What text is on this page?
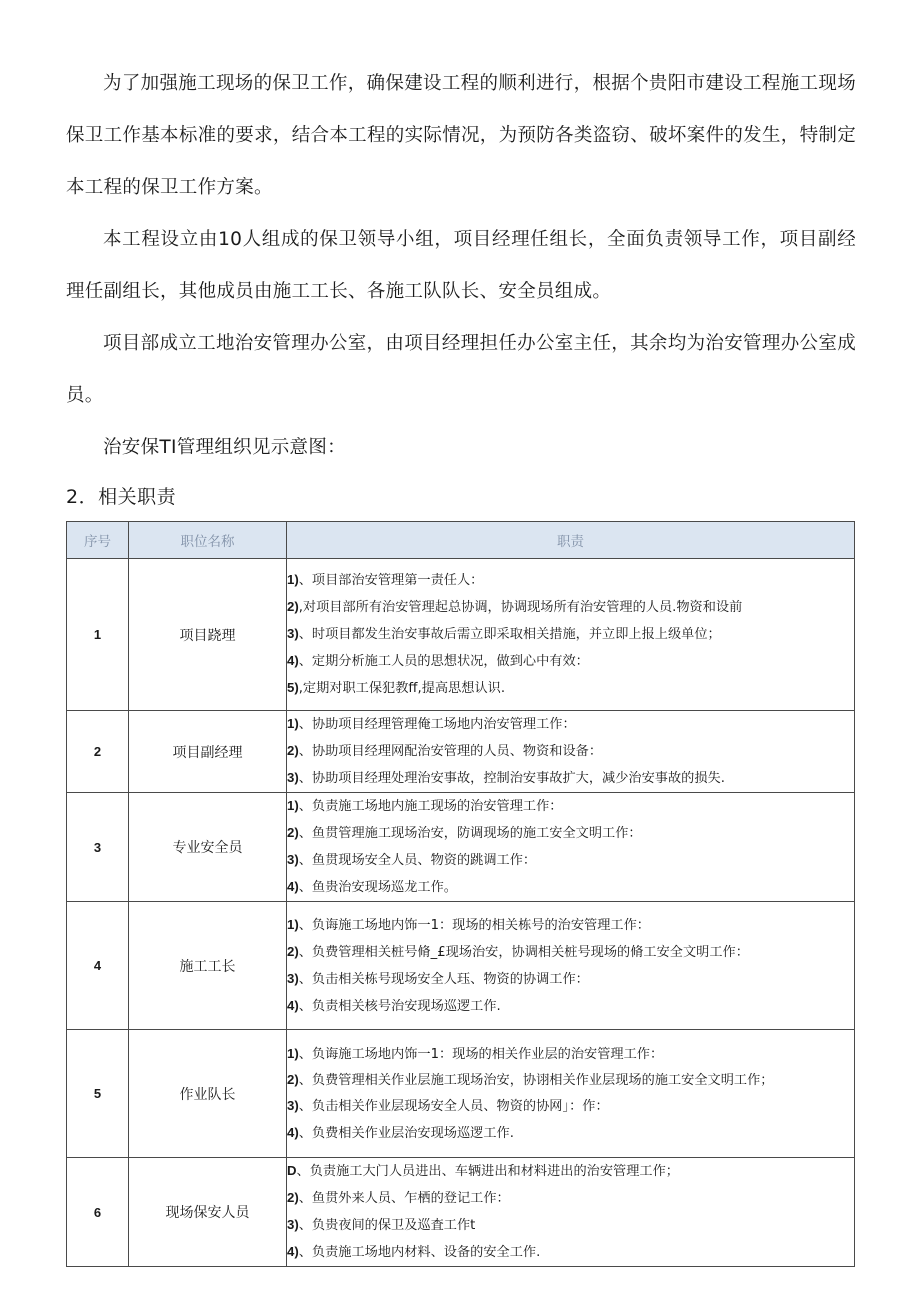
为了加强施工现场的保卫工作，确保建设工程的顺利进行，根据个贵阳市建设工程施工现场保卫工作基本标准的要求，结合本工程的实际情况，为预防各类盗窃、破坏案件的发生，特制定本工程的保卫工作方案。

本工程设立由10人组成的保卫领导小组，项目经理任组长，全面负责领导工作，项目副经理任副组长，其他成员由施工工长、各施工队队长、安全员组成。

项目部成立工地治安管理办公室，由项目经理担任办公室主任，其余均为治安管理办公室成员。

治安保TI管理组织见示意图：

2．相关职责
序号	职位名称	职责
1	项目跷理	1)、项目部治安管理第一责任人：
2),对项目部所有治安管理起总协调，协调现场所有治安管理的人员.物资和设前
3)、时项目都发生治安事故后需立即采取相关措施，并立即上报上级单位；
4)、定期分析施工人员的思想状况，做到心中有效：
5),定期对职工保犯教ff,提高思想认识.

2	项目副经理	1)、协助项目经理管理俺工场地内治安管理工作：
2)、协助项目经理网配治安管理的人员、物资和设备：
3)、协助项目经理处理治安事故，控制治安事故扩大，减少治安事故的损失.

3	专业安全员	1)、负责施工场地内施工现场的治安管理工作：
2)、鱼贯管理施工现场治安，防调现场的施工安全文明工作：
3)、鱼贯现场安全人员、物资的跳调工作：
4)、鱼贵治安现场巡龙工作。

4	施工工长	1)、负诲施工场地内饰一1：现场的相关栋号的治安管理工作：
2)、负费管理相关桩号脩_£现场治安，协调相关桩号现场的脩工安全文明工作：
3)、负击相关栋号现场安全人珏、物资的协调工作：
4)、负责相关核号治安现场巡逻工作.

5	作业队长	1)、负诲施工场地内饰一1：现场的相关作业层的治安管理工作：
2)、负费管理相关作业层施工现场治安，协诩相关作业层现场的施工安全文明工作；
3)、负击相关作业层现场安全人员、物资的协网」：作：
4)、负费相关作业层治安现场巡逻工作.

6	现场保安人员	D、负责施工大门人员进出、车辆进出和材料进出的治安管理工作；
2)、鱼贯外来人员、乍栖的登记工作：
3)、负贵夜间的保卫及巡査工作t
4)、负责施工场地内材料、设备的安全工作.
